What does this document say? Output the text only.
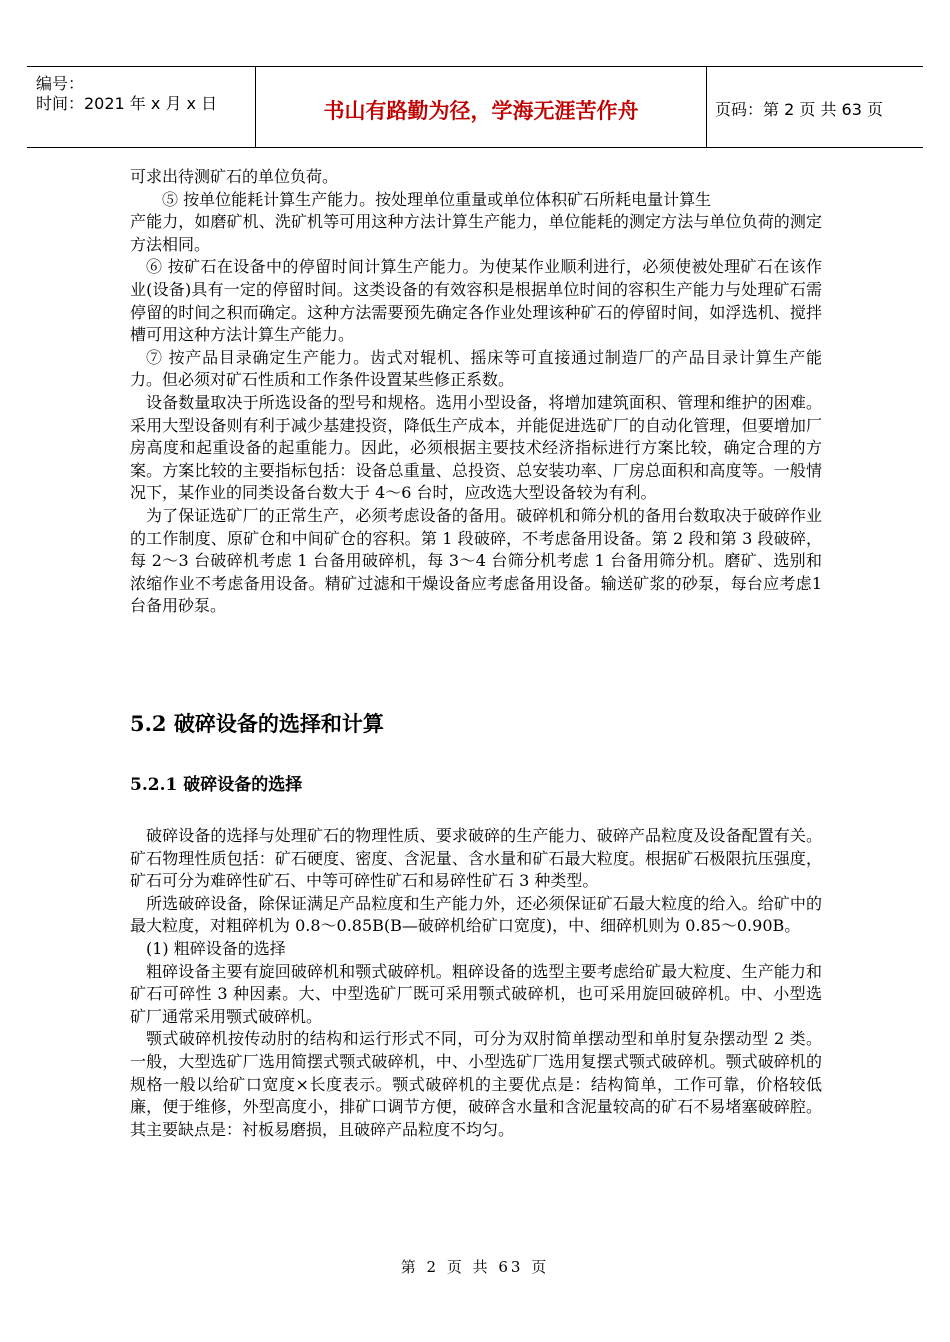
编号：
时间：2021 年 x 月 x 日	书山有路勤为径，学海无涯苦作舟	页码：第 2 页 共 63 页

可求出待测矿石的单位负荷。

⑤ 按单位能耗计算生产能力。按处理单位重量或单位体积矿石所耗电量计算生

产能力，如磨矿机、洗矿机等可用这种方法计算生产能力，单位能耗的测定方法与单位负荷的测定方法相同。

⑥ 按矿石在设备中的停留时间计算生产能力。为使某作业顺利进行，必须使被处理矿石在该作业(设备)具有一定的停留时间。这类设备的有效容积是根据单位时间的容积生产能力与处理矿石需停留的时间之积而确定。这种方法需要预先确定各作业处理该种矿石的停留时间，如浮选机、搅拌槽可用这种方法计算生产能力。

⑦ 按产品目录确定生产能力。齿式对辊机、摇床等可直接通过制造厂的产品目录计算生产能力。但必须对矿石性质和工作条件设置某些修正系数。

设备数量取决于所选设备的型号和规格。选用小型设备，将增加建筑面积、管理和维护的困难。采用大型设备则有利于减少基建投资，降低生产成本，并能促进选矿厂的自动化管理，但要增加厂房高度和起重设备的起重能力。因此，必须根据主要技术经济指标进行方案比较，确定合理的方案。方案比较的主要指标包括：设备总重量、总投资、总安装功率、厂房总面积和高度等。一般情况下，某作业的同类设备台数大于 4～6 台时，应改选大型设备较为有利。

为了保证选矿厂的正常生产，必须考虑设备的备用。破碎机和筛分机的备用台数取决于破碎作业的工作制度、原矿仓和中间矿仓的容积。第 1 段破碎，不考虑备用设备。第 2 段和第 3 段破碎，每 2～3 台破碎机考虑 1 台备用破碎机，每 3～4 台筛分机考虑 1 台备用筛分机。磨矿、选别和浓缩作业不考虑备用设备。精矿过滤和干燥设备应考虑备用设备。输送矿浆的砂泵，每台应考虑1台备用砂泵。

5.2 破碎设备的选择和计算
5.2.1 破碎设备的选择

破碎设备的选择与处理矿石的物理性质、要求破碎的生产能力、破碎产品粒度及设备配置有关。矿石物理性质包括：矿石硬度、密度、含泥量、含水量和矿石最大粒度。根据矿石极限抗压强度，矿石可分为难碎性矿石、中等可碎性矿石和易碎性矿石 3 种类型。

所选破碎设备，除保证满足产品粒度和生产能力外，还必须保证矿石最大粒度的给入。给矿中的最大粒度，对粗碎机为 0.8～0.85B(B—破碎机给矿口宽度)，中、细碎机则为 0.85～0.90B。

(1) 粗碎设备的选择

粗碎设备主要有旋回破碎机和颚式破碎机。粗碎设备的选型主要考虑给矿最大粒度、生产能力和矿石可碎性 3 种因素。大、中型选矿厂既可采用颚式破碎机，也可采用旋回破碎机。中、小型选矿厂通常采用颚式破碎机。

颚式破碎机按传动肘的结构和运行形式不同，可分为双肘简单摆动型和单肘复杂摆动型 2 类。一般，大型选矿厂选用简摆式颚式破碎机，中、小型选矿厂选用复摆式颚式破碎机。颚式破碎机的规格一般以给矿口宽度×长度表示。颚式破碎机的主要优点是：结构简单，工作可靠，价格较低廉，便于维修，外型高度小，排矿口调节方便，破碎含水量和含泥量较高的矿石不易堵塞破碎腔。其主要缺点是：衬板易磨损，且破碎产品粒度不均匀。

第 2 页 共 63 页
